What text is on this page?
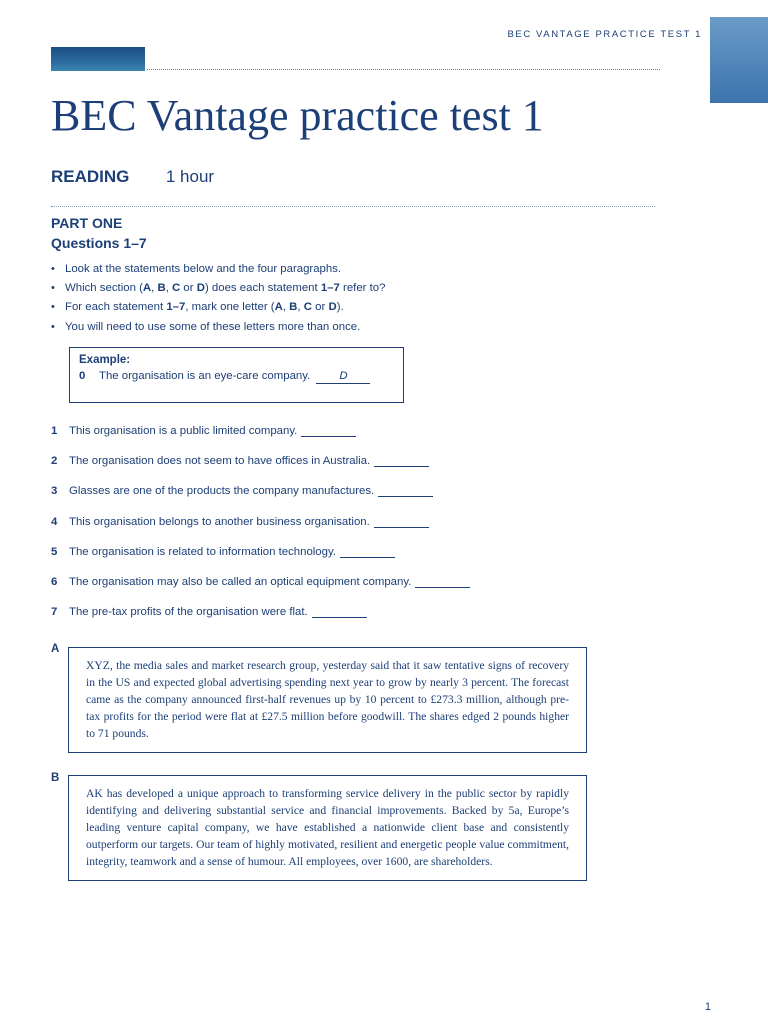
BEC VANTAGE PRACTICE TEST 1
BEC Vantage practice test 1
READING 1 hour
PART ONE
Questions 1–7
• Look at the statements below and the four paragraphs.
• Which section (A, B, C or D) does each statement 1–7 refer to?
• For each statement 1–7, mark one letter (A, B, C or D).
• You will need to use some of these letters more than once.
Example:
0 The organisation is an eye-care company.	D
1	This organisation is a public limited company.
2	The organisation does not seem to have offices in Australia.
3	Glasses are one of the products the company manufactures.
4	This organisation belongs to another business organisation.
5	The organisation is related to information technology.
6	The organisation may also be called an optical equipment company.
7	The pre-tax profits of the organisation were flat.
A

XYZ, the media sales and market research group, yesterday said that it saw tentative signs of recovery in the US and expected global advertising spending next year to grow by nearly 3 percent. The forecast came as the company announced first-half revenues up by 10 percent to £273.3 million, although pre-tax profits for the period were flat at £27.5 million before goodwill. The shares edged 2 pounds higher to 71 pounds.

B

AK has developed a unique approach to transforming service delivery in the public sector by rapidly identifying and delivering substantial service and financial improvements. Backed by 5a, Europe’s leading venture capital company, we have established a nationwide client base and consistently outperform our targets. Our team of highly motivated, resilient and energetic people value commitment, integrity, teamwork and a sense of humour. All employees, over 1600, are shareholders.

1
